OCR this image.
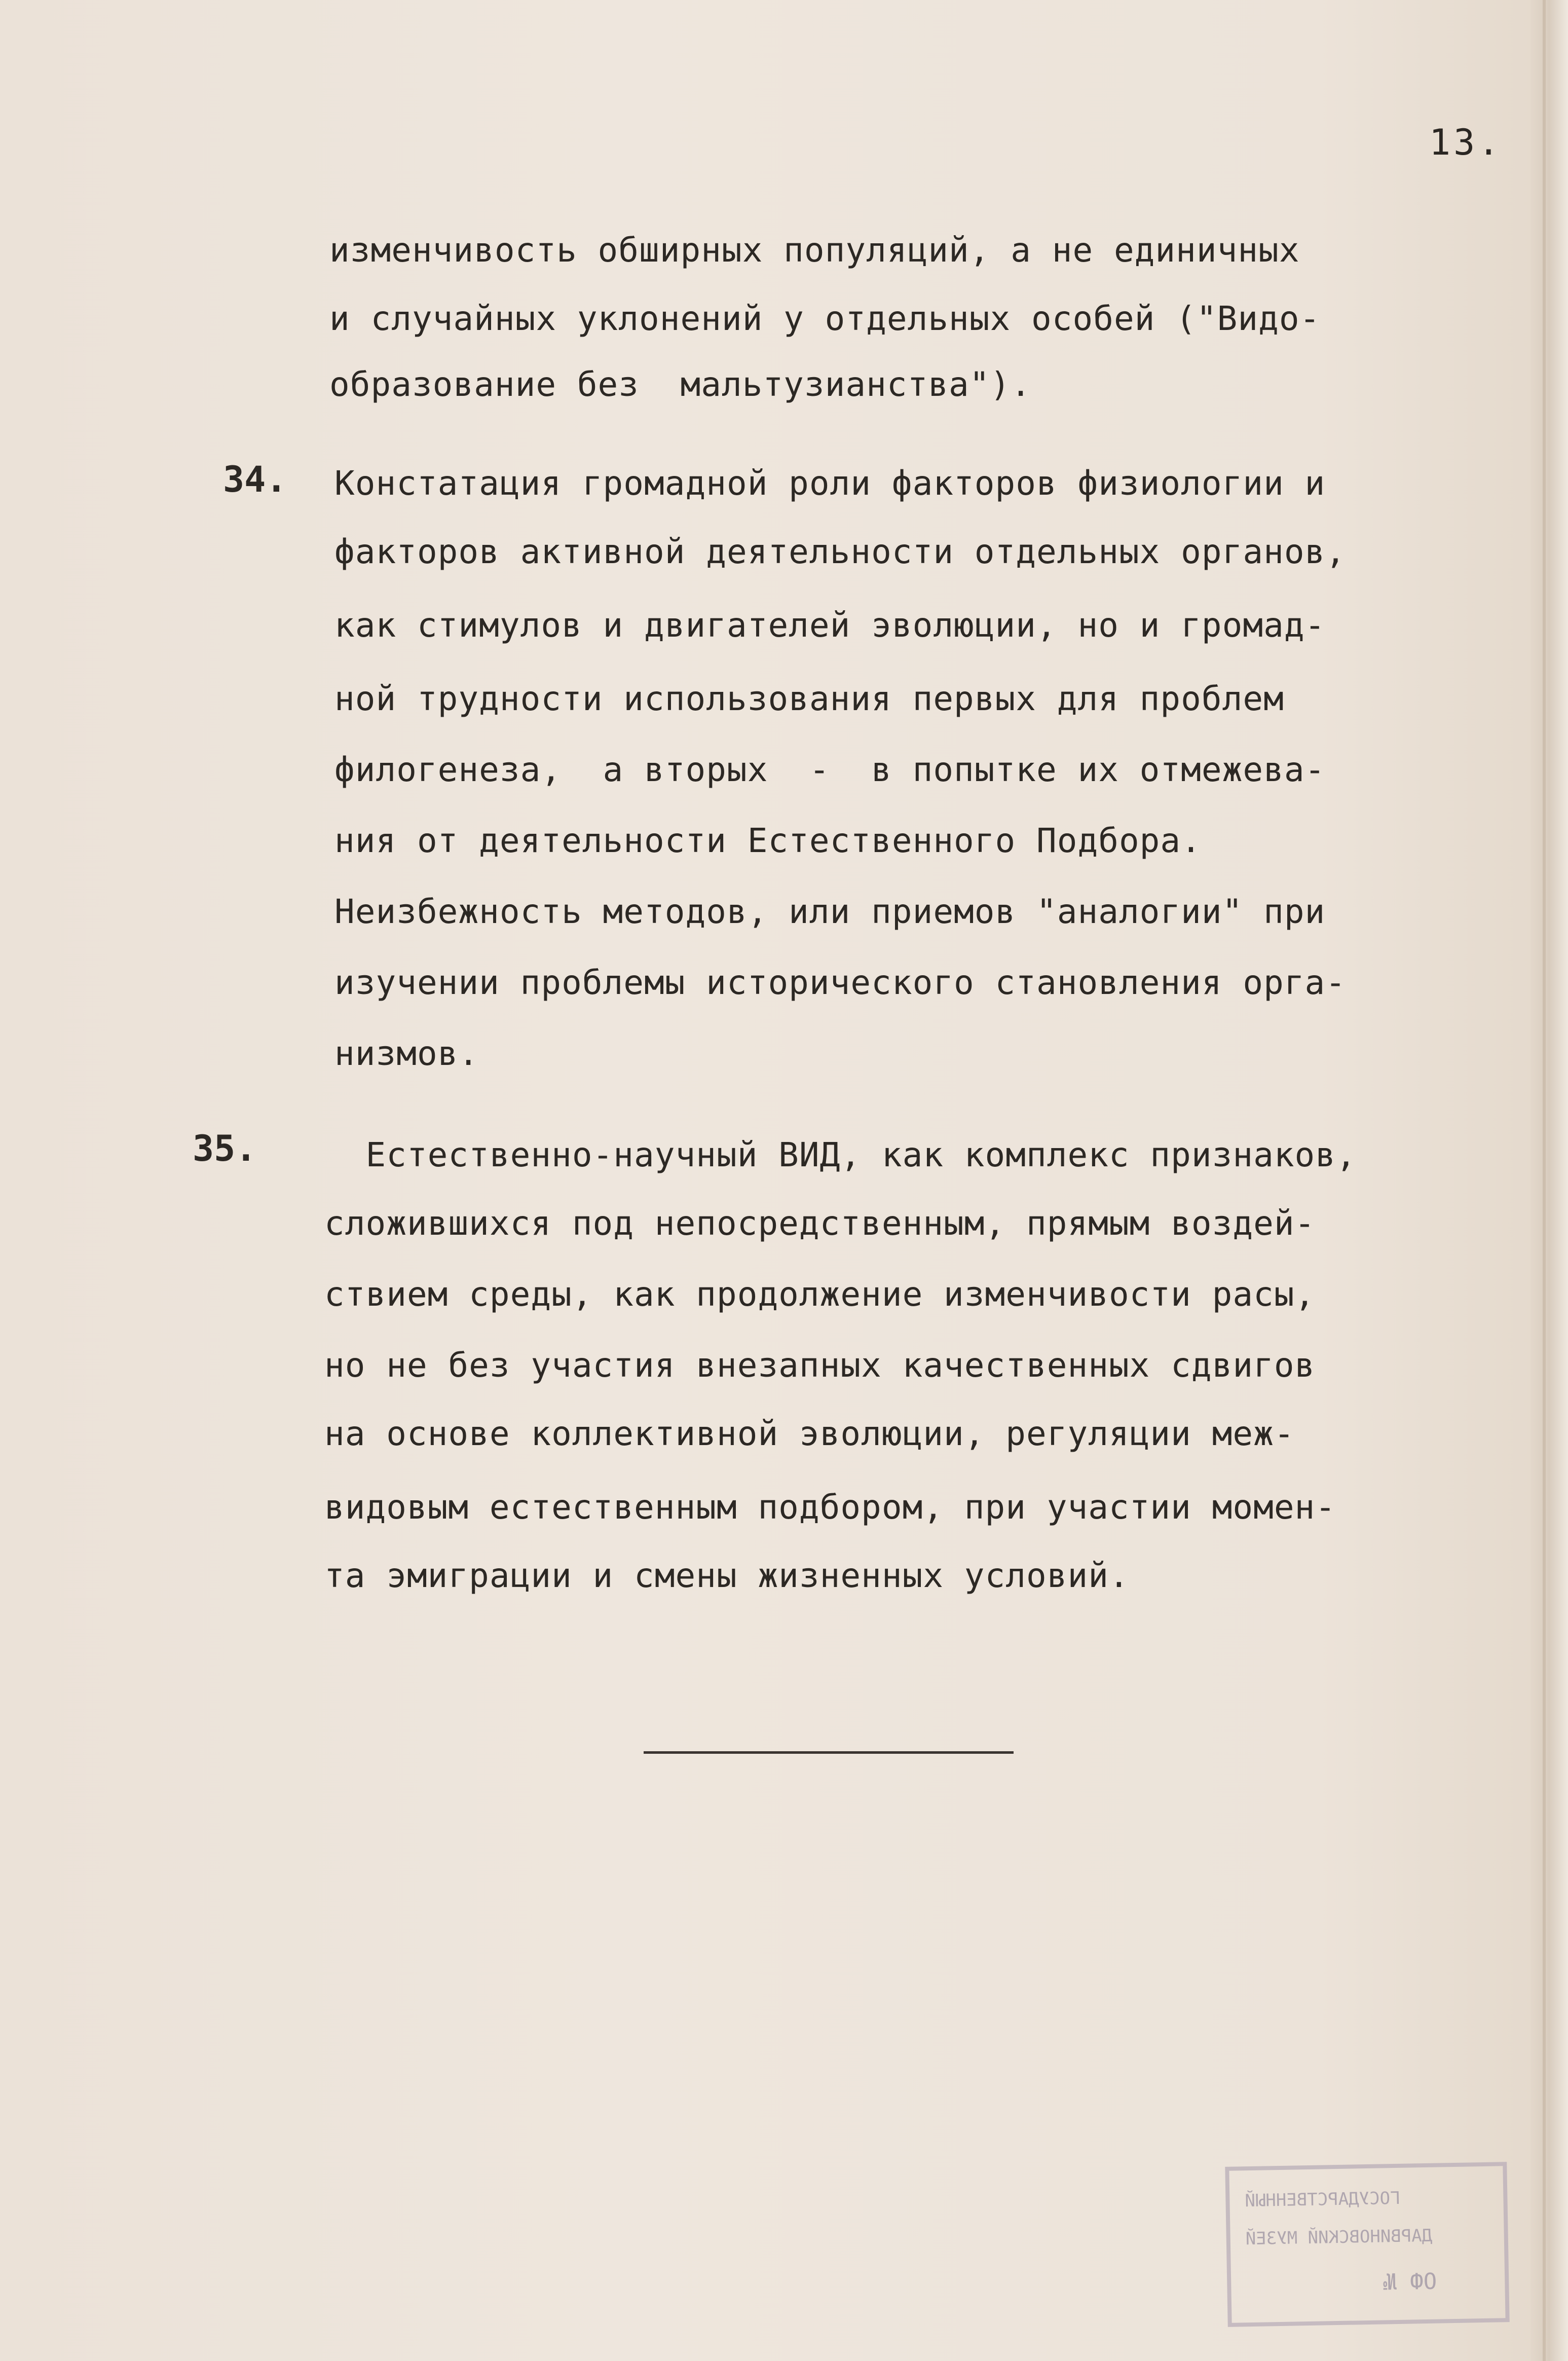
13.
изменчивость обширных популяций, а не единичных
и случайных уклонений у отдельных особей ("Видо-
образование без  мальтузианства").
34. Констатация громадной роли факторов физиологии и
факторов активной деятельности отдельных органов,
как стимулов и двигателей эволюции, но и громад-
ной трудности использования первых для проблем
филогенеза,  а вторых  -  в попытке их отмежева-
ния от деятельности Естественного Подбора.
Неизбежность методов, или приемов "аналогии" при
изучении проблемы исторического становления орга-
низмов.
35. Естественно-научный ВИД, как комплекс признаков,
сложившихся под непосредственным, прямым воздей-
ствием среды, как продолжение изменчивости расы,
но не без участия внезапных качественных сдвигов
на основе коллективной эволюции, регуляции меж-
видовым естественным подбором, при участии момен-
та эмиграции и смены жизненных условий.
ГОСУДАРСТВЕННЫЙ
ДАРВИНОВСКИЙ МУЗЕЙ
ОФ №
